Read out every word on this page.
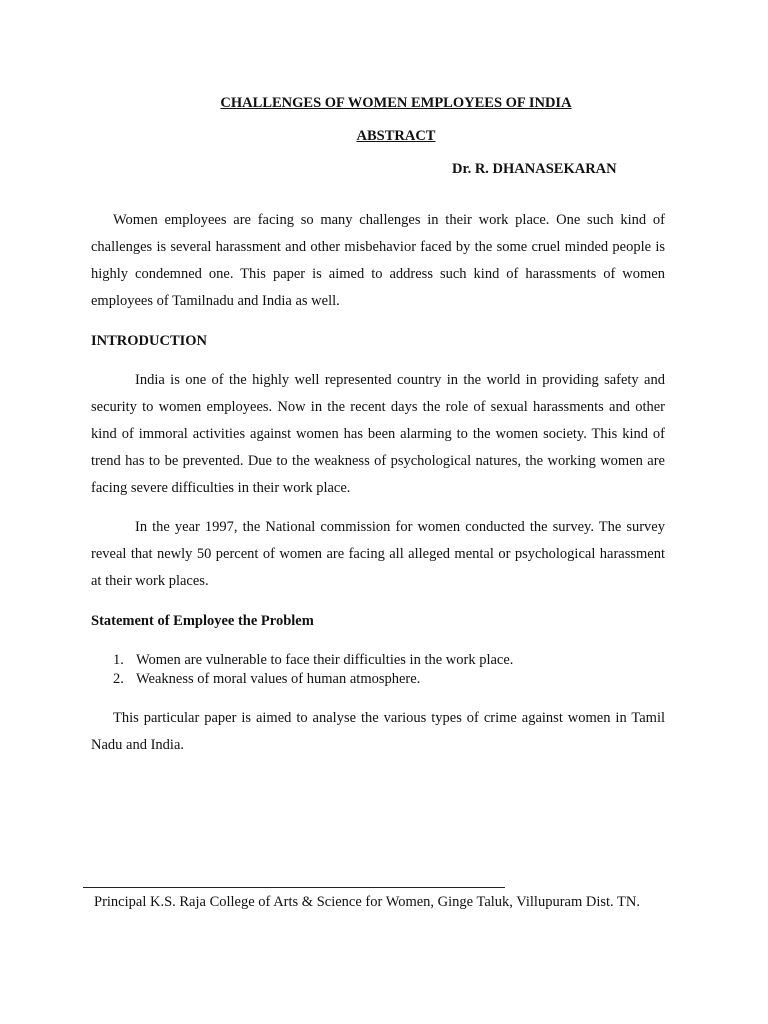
CHALLENGES OF WOMEN EMPLOYEES OF INDIA
ABSTRACT

Dr. R. DHANASEKARAN

Women employees are facing so many challenges in their work place. One such kind of challenges is several harassment and other misbehavior faced by the some cruel minded people is highly condemned one. This paper is aimed to address such kind of harassments of women employees of Tamilnadu and India as well.

INTRODUCTION

India is one of the highly well represented country in the world in providing safety and security to women employees. Now in the recent days the role of sexual harassments and other kind of immoral activities against women has been alarming to the women society. This kind of trend has to be prevented. Due to the weakness of psychological natures, the working women are facing severe difficulties in their work place.

In the year 1997, the National commission for women conducted the survey. The survey reveal that newly 50 percent of women are facing all alleged mental or psychological harassment at their work places.

Statement of Employee the Problem
1. Women are vulnerable to face their difficulties in the work place.
2. Weakness of moral values of human atmosphere.

This particular paper is aimed to analyse the various types of crime against women in Tamil Nadu and India.

Principal K.S. Raja College of Arts & Science for Women, Ginge Taluk, Villupuram Dist. TN.
